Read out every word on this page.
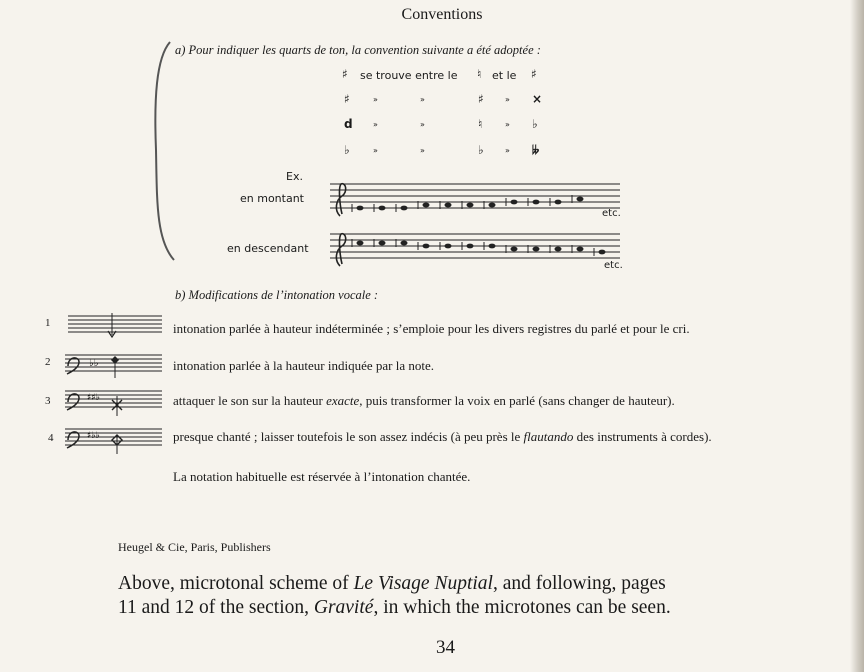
Conventions
a) Pour indiquer les quarts de ton, la convention suivante a été adoptée :
♯ se trouve entre le ♮ et le ♯
♯	»	»	♯	» ×
d	»	»	♮	» ♭
♭	»	»	♭	» 𝄫
Ex.
en montant
en descendant
etc.
etc.
b) Modifications de l’intonation vocale :
1	intonation parlée à hauteur indéterminée ; s’emploie pour les divers registres du parlé et pour le cri.
2	♭♭	intonation parlée à la hauteur indiquée par la note.
3	♯♯♭	attaquer le son sur la hauteur exacte, puis transformer la voix en parlé (sans changer de hauteur).
4	♯♭♭	presque chanté ; laisser toutefois le son assez indécis (à peu près le flautando des instruments à cordes).
La notation habituelle est réservée à l’intonation chantée.
Heugel & Cie, Paris, Publishers
Above, microtonal scheme of Le Visage Nuptial, and following, pages
11 and 12 of the section, Gravité, in which the microtones can be seen.
34
